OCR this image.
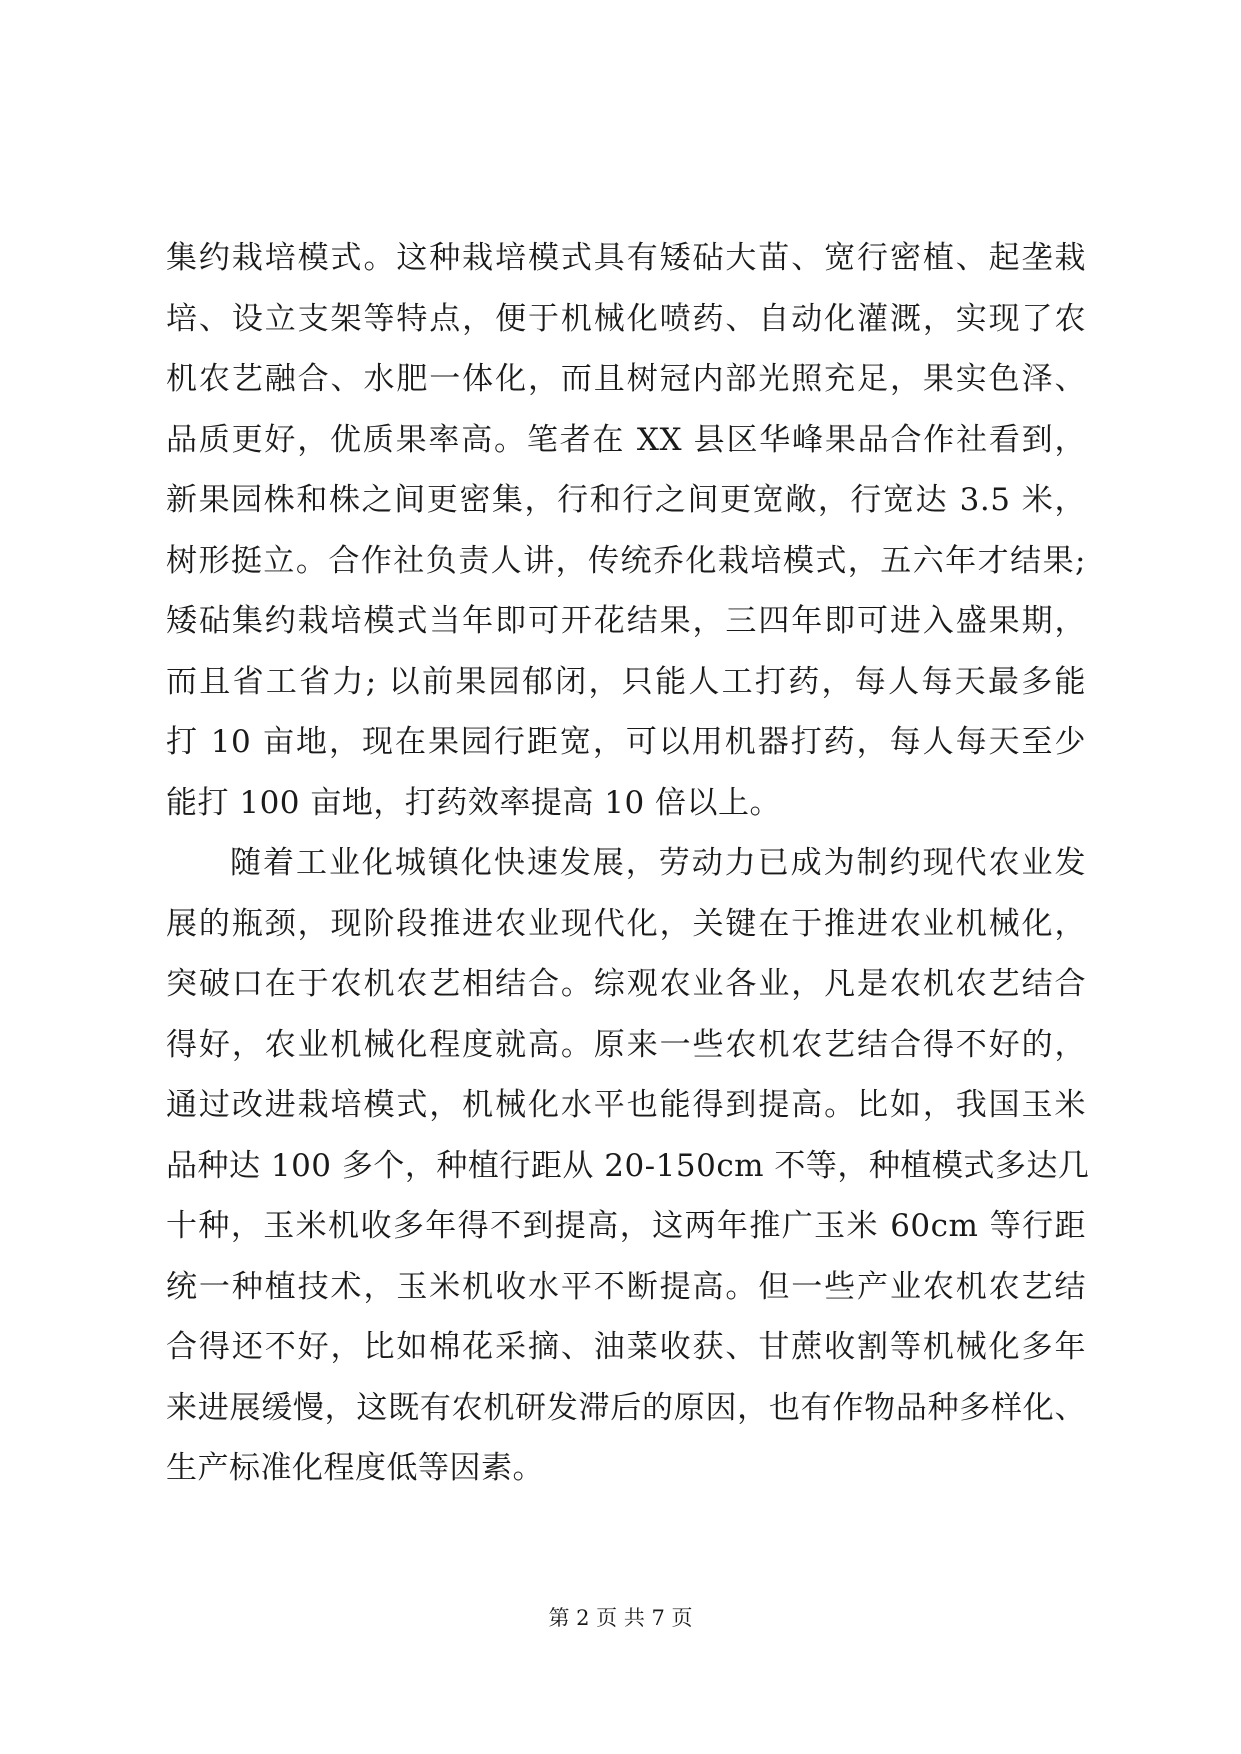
集约栽培模式。这种栽培模式具有矮砧大苗、宽行密植、起垄栽
培、设立支架等特点，便于机械化喷药、自动化灌溉，实现了农
机农艺融合、水肥一体化，而且树冠内部光照充足，果实色泽、
品质更好，优质果率高。笔者在 XX 县区华峰果品合作社看到，
新果园株和株之间更密集，行和行之间更宽敞，行宽达 3.5 米，
树形挺立。合作社负责人讲，传统乔化栽培模式，五六年才结果;
矮砧集约栽培模式当年即可开花结果，三四年即可进入盛果期，
而且省工省力; 以前果园郁闭，只能人工打药，每人每天最多能
打 10 亩地，现在果园行距宽，可以用机器打药，每人每天至少
能打 100 亩地，打药效率提高 10 倍以上。
随着工业化城镇化快速发展，劳动力已成为制约现代农业发
展的瓶颈，现阶段推进农业现代化，关键在于推进农业机械化，
突破口在于农机农艺相结合。综观农业各业，凡是农机农艺结合
得好，农业机械化程度就高。原来一些农机农艺结合得不好的，
通过改进栽培模式，机械化水平也能得到提高。比如，我国玉米
品种达 100 多个，种植行距从 20-150cm 不等，种植模式多达几
十种，玉米机收多年得不到提高，这两年推广玉米 60cm 等行距
统一种植技术，玉米机收水平不断提高。但一些产业农机农艺结
合得还不好，比如棉花采摘、油菜收获、甘蔗收割等机械化多年
来进展缓慢，这既有农机研发滞后的原因，也有作物品种多样化、
生产标准化程度低等因素。
第 2 页 共 7 页
